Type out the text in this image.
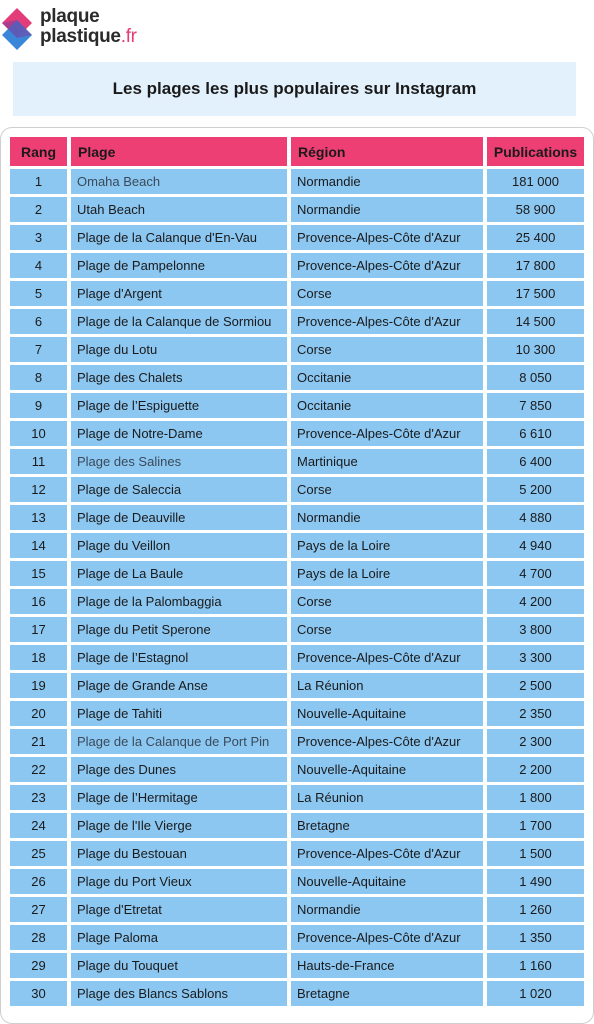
plaque
plastique.fr
Les plages les plus populaires sur Instagram
Rang	Plage	Région	Publications
1	Omaha Beach	Normandie	181 000
2	Utah Beach	Normandie	58 900
3	Plage de la Calanque d'En-Vau	Provence-Alpes-Côte d'Azur	25 400
4	Plage de Pampelonne	Provence-Alpes-Côte d'Azur	17 800
5	Plage d'Argent	Corse	17 500
6	Plage de la Calanque de Sormiou	Provence-Alpes-Côte d'Azur	14 500
7	Plage du Lotu	Corse	10 300
8	Plage des Chalets	Occitanie	8 050
9	Plage de l’Espiguette	Occitanie	7 850
10	Plage de Notre-Dame	Provence-Alpes-Côte d'Azur	6 610
11	Plage des Salines	Martinique	6 400
12	Plage de Saleccia	Corse	5 200
13	Plage de Deauville	Normandie	4 880
14	Plage du Veillon	Pays de la Loire	4 940
15	Plage de La Baule	Pays de la Loire	4 700
16	Plage de la Palombaggia	Corse	4 200
17	Plage du Petit Sperone	Corse	3 800
18	Plage de l’Estagnol	Provence-Alpes-Côte d'Azur	3 300
19	Plage de Grande Anse	La Réunion	2 500
20	Plage de Tahiti	Nouvelle-Aquitaine	2 350
21	Plage de la Calanque de Port Pin	Provence-Alpes-Côte d'Azur	2 300
22	Plage des Dunes	Nouvelle-Aquitaine	2 200
23	Plage de l’Hermitage	La Réunion	1 800
24	Plage de l'Ile Vierge	Bretagne	1 700
25	Plage du Bestouan	Provence-Alpes-Côte d'Azur	1 500
26	Plage du Port Vieux	Nouvelle-Aquitaine	1 490
27	Plage d'Etretat	Normandie	1 260
28	Plage Paloma	Provence-Alpes-Côte d'Azur	1 350
29	Plage du Touquet	Hauts-de-France	1 160
30	Plage des Blancs Sablons	Bretagne	1 020
